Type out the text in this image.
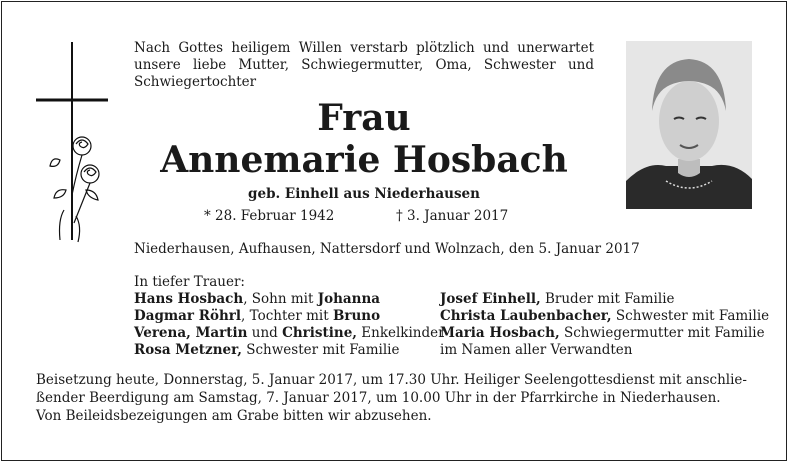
Nach Gottes heiligem Willen verstarb plötzlich und unerwartet unsere liebe Mutter, Schwiegermutter, Oma, Schwester und Schwiegertochter
Frau
Annemarie Hosbach
geb. Einhell aus Niederhausen
* 28. Februar 1942	† 3. Januar 2017
Niederhausen, Aufhausen, Nattersdorf und Wolnzach, den 5. Januar 2017
In tiefer Trauer:
Hans Hosbach, Sohn mit Johanna
Dagmar Röhrl, Tochter mit Bruno
Verena, Martin und Christine, Enkelkinder
Rosa Metzner, Schwester mit Familie
Josef Einhell, Bruder mit Familie
Christa Laubenbacher, Schwester mit Familie
Maria Hosbach, Schwiegermutter mit Familie
im Namen aller Verwandten
Beisetzung heute, Donnerstag, 5. Januar 2017, um 17.30 Uhr. Heiliger Seelengottesdienst mit anschlie-
ßender Beerdigung am Samstag, 7. Januar 2017, um 10.00 Uhr in der Pfarrkirche in Niederhausen.
Von Beileidsbezeigungen am Grabe bitten wir abzusehen.
